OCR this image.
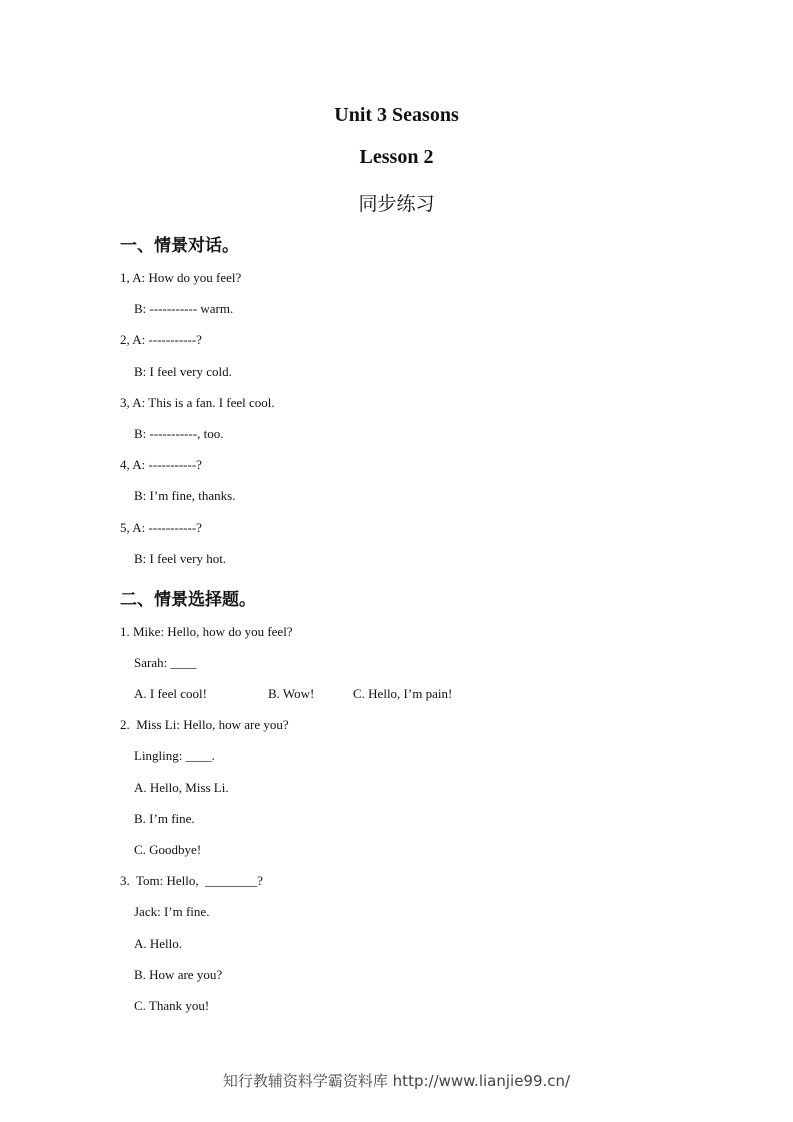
Unit 3 Seasons
Lesson 2
同步练习
一、情景对话。

1, A: How do you feel?

B: ----------- warm.

2, A: -----------?

B: I feel very cold.

3, A: This is a fan. I feel cool.

B: -----------, too.

4, A: -----------?

B: I’m fine, thanks.

5, A: -----------?

B: I feel very hot.

二、情景选择题。

1. Mike: Hello, how do you feel?

Sarah: ____

A. I feel cool!	B. Wow!	C. Hello, I’m pain!

2.  Miss Li: Hello, how are you?

Lingling: ____.

A. Hello, Miss Li.

B. I’m fine.

C. Goodbye!

3.  Tom: Hello,  ________?

Jack: I’m fine.

A. Hello.

B. How are you?

C. Thank you!

知行教辅资料学霸资料库 http://www.lianjie99.cn/
